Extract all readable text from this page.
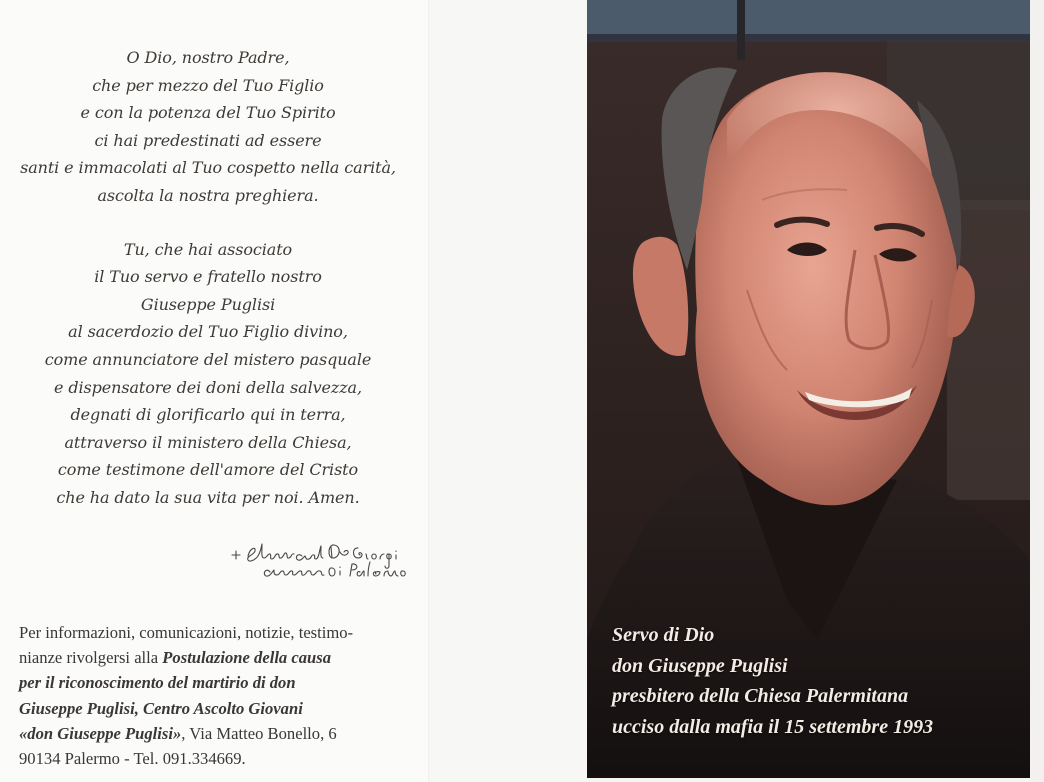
O Dio, nostro Padre,
che per mezzo del Tuo Figlio
e con la potenza del Tuo Spirito
ci hai predestinati ad essere
santi e immacolati al Tuo cospetto nella carità,
ascolta la nostra preghiera.
Tu, che hai associato
il Tuo servo e fratello nostro
Giuseppe Puglisi
al sacerdozio del Tuo Figlio divino,
come annunciatore del mistero pasquale
e dispensatore dei doni della salvezza,
degnati di glorificarlo qui in terra,
attraverso il ministero della Chiesa,
come testimone dell'amore del Cristo
che ha dato la sua vita per noi. Amen.
Per informazioni, comunicazioni, notizie, testimo-
nianze rivolgersi alla Postulazione della causa
per il riconoscimento del martirio di don
Giuseppe Puglisi, Centro Ascolto Giovani
«don Giuseppe Puglisi», Via Matteo Bonello, 6
90134 Palermo - Tel. 091.334669.
Servo di Dio
don Giuseppe Puglisi
presbitero della Chiesa Palermitana
ucciso dalla mafia il 15 settembre 1993
